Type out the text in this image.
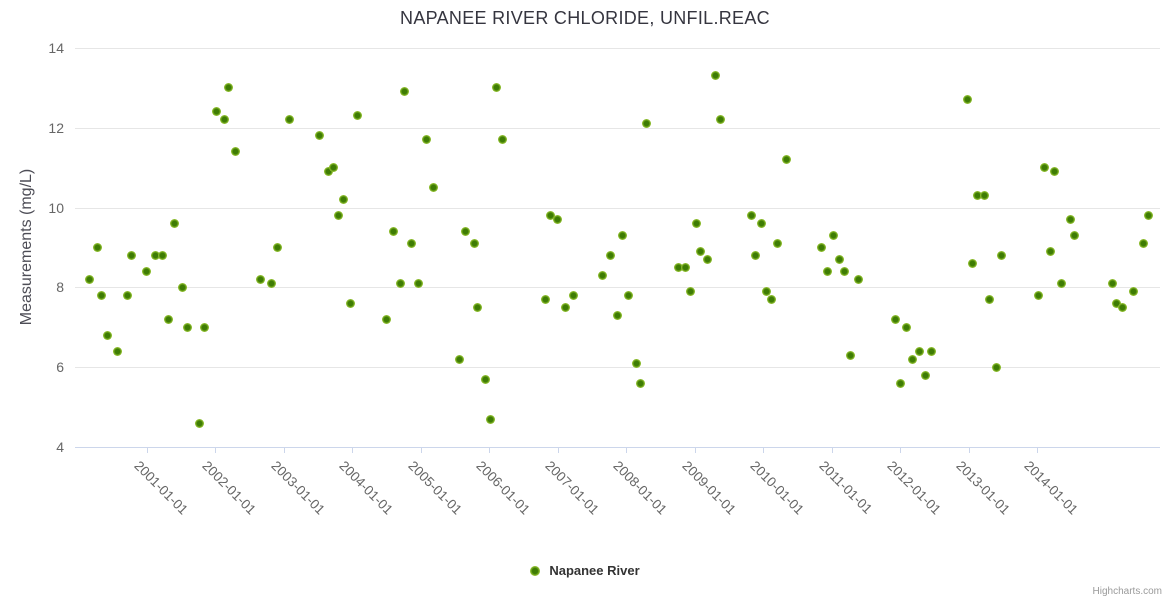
NAPANEE RIVER CHLORIDE, UNFIL.REAC
Measurements (mg/L)
14
12
10
8
6
4
2001-01-01 2002-01-01 2003-01-01 2004-01-01 2005-01-01 2006-01-01 2007-01-01 2008-01-01 2009-01-01 2010-01-01 2011-01-01 2012-01-01 2013-01-01 2014-01-01
Napanee River
Highcharts.com
